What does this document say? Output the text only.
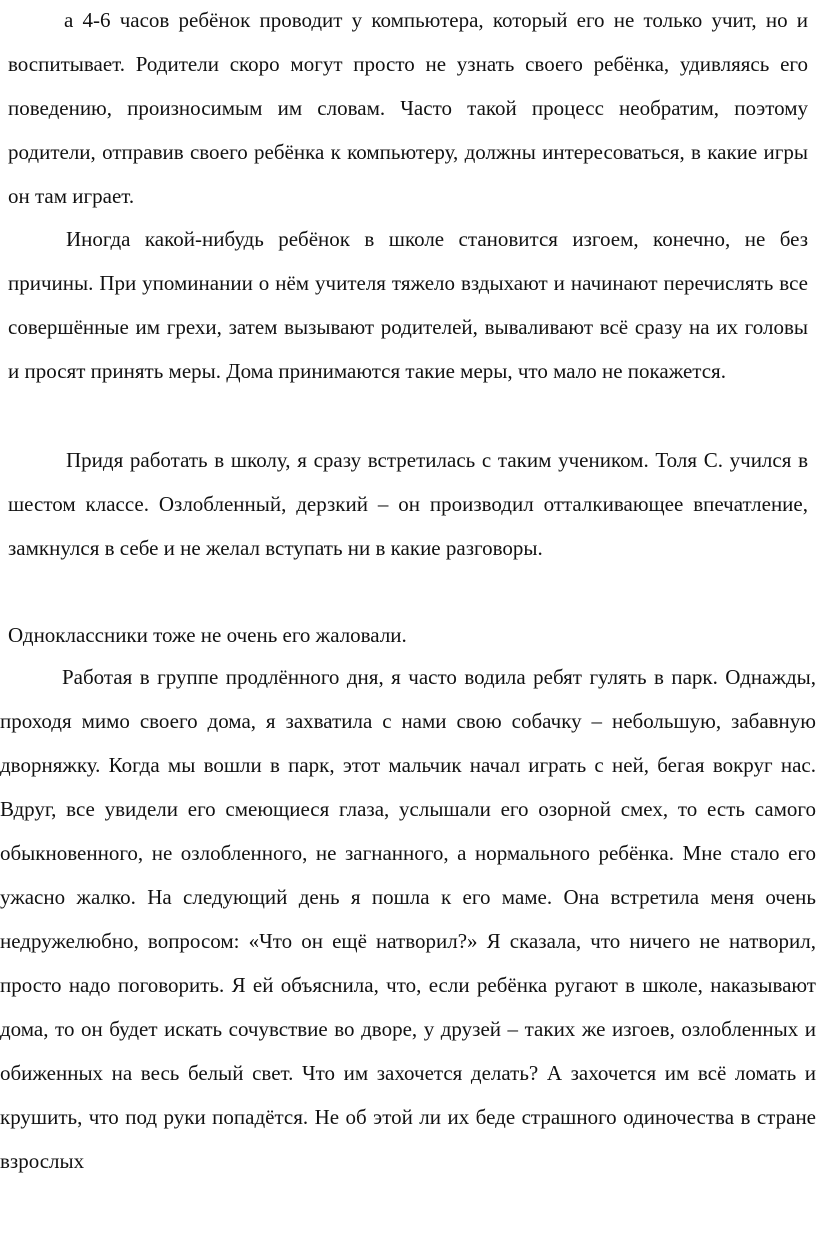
а 4-6 часов ребёнок проводит у компьютера, который его не только учит, но и воспитывает. Родители скоро могут просто не узнать своего ребёнка, удивляясь его поведению, произносимым им словам. Часто такой процесс необратим, поэтому родители, отправив своего ребёнка к компьютеру, должны интересоваться, в какие игры он там играет.

Иногда какой-нибудь ребёнок в школе становится изгоем, конечно, не без причины. При упоминании о нём учителя тяжело вздыхают и начинают перечислять все совершённые им грехи, затем вызывают родителей, вываливают всё сразу на их головы и просят принять меры. Дома принимаются такие меры, что мало не покажется.

Придя работать в школу, я сразу встретилась с таким учеником. Толя С. учился в шестом классе. Озлобленный, дерзкий – он производил отталкивающее впечатление, замкнулся в себе и не желал вступать ни в какие разговоры.

Одноклассники тоже не очень его жаловали.

Работая в группе продлённого дня, я часто водила ребят гулять в парк. Однажды, проходя мимо своего дома, я захватила с нами свою собачку – небольшую, забавную дворняжку. Когда мы вошли в парк, этот мальчик начал играть с ней, бегая вокруг нас. Вдруг, все увидели его смеющиеся глаза, услышали его озорной смех, то есть самого обыкновенного, не озлобленного, не загнанного, а нормального ребёнка. Мне стало его ужасно жалко. На следующий день я пошла к его маме. Она встретила меня очень недружелюбно, вопросом: «Что он ещё натворил?» Я сказала, что ничего не натворил, просто надо поговорить. Я ей объяснила, что, если ребёнка ругают в школе, наказывают дома, то он будет искать сочувствие во дворе, у друзей – таких же изгоев, озлобленных и обиженных на весь белый свет. Что им захочется делать? А захочется им всё ломать и крушить, что под руки попадётся. Не об этой ли их беде страшного одиночества в стране взрослых
